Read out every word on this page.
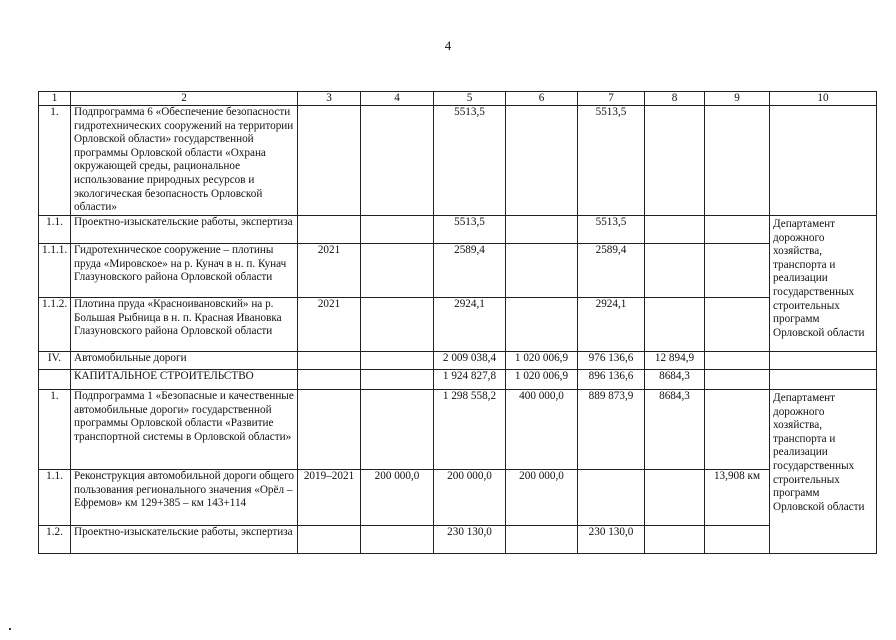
4
1	2	3	4	5	6	7	8	9	10
1.	Подпрограмма 6 «Обеспечение безопасности гидротехнических сооружений на территории Орловской области» государственной программы Орловской области «Охрана окружающей среды, рациональное использование природных ресурсов и экологическая безопасность Орловской области»			5513,5		5513,5			
1.1.	Проектно-изыскательские работы, экспертиза			5513,5		5513,5			Департамент дорожного хозяйства, транспорта и реализации государственных строительных программ Орловской области
1.1.1.	Гидротехническое сооружение – плотины пруда «Мировское» на р. Кунач в н. п. Кунач Глазуновского района Орловской области	2021		2589,4		2589,4			
1.1.2.	Плотина пруда «Красноивановский» на р. Большая Рыбница в н. п. Красная Ивановка Глазуновского района Орловской области	2021		2924,1		2924,1			
IV.	Автомобильные дороги			2 009 038,4	1 020 006,9	976 136,6	12 894,9		
	КАПИТАЛЬНОЕ СТРОИТЕЛЬСТВО			1 924 827,8	1 020 006,9	896 136,6	8684,3		
1.	Подпрограмма 1 «Безопасные и качественные автомобильные дороги» государственной программы Орловской области «Развитие транспортной системы в Орловской области»			1 298 558,2	400 000,0	889 873,9	8684,3		Департамент дорожного хозяйства, транспорта и реализации государственных строительных программ Орловской области
1.1.	Реконструкция автомобильной дороги общего пользования регионального значения «Орёл – Ефремов» км 129+385 – км 143+114	2019–2021	200 000,0	200 000,0	200 000,0			13,908 км	
1.2.	Проектно-изыскательские работы, экспертиза			230 130,0		230 130,0			
